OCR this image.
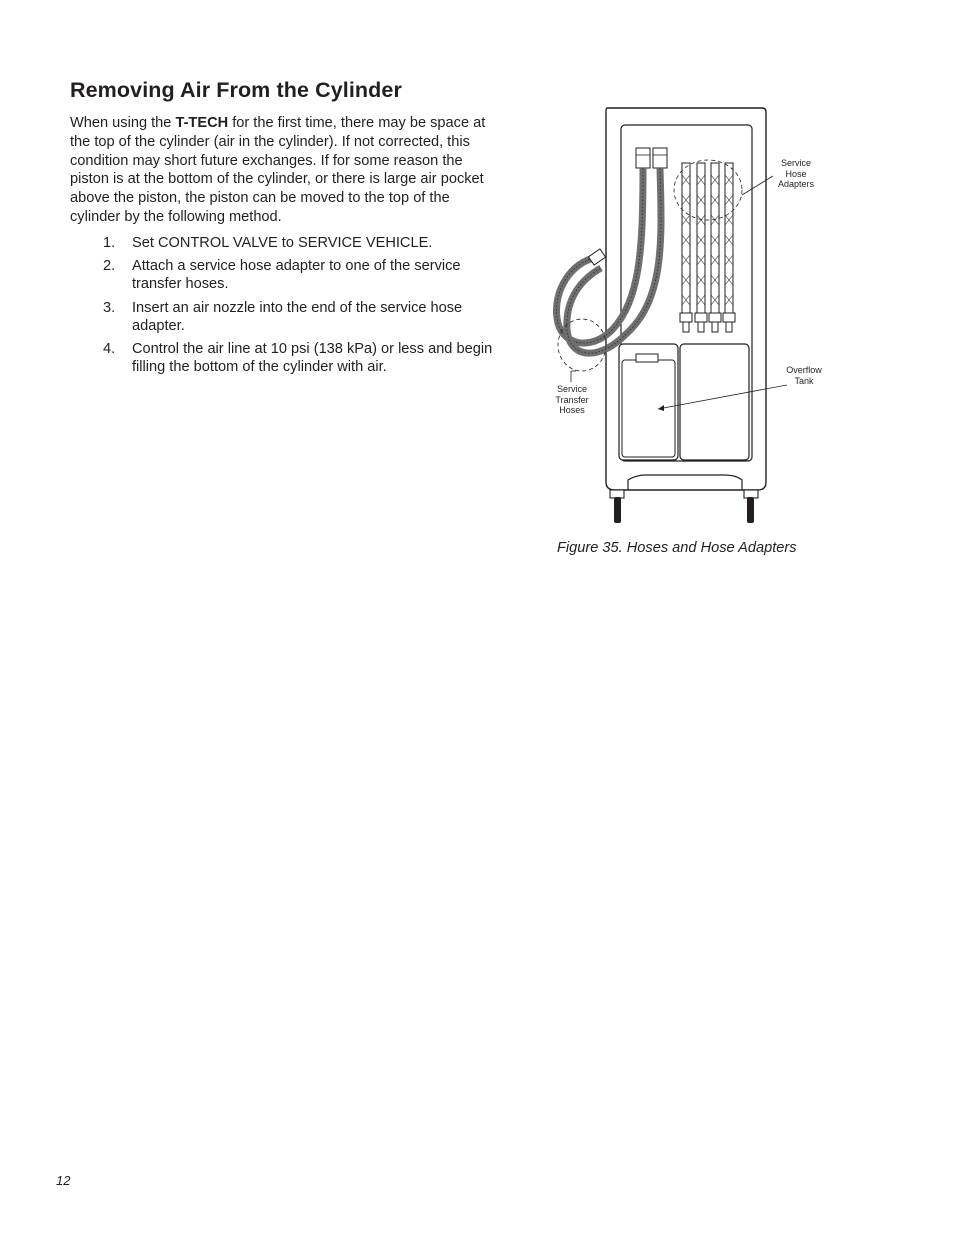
Removing Air From the Cylinder

When using the T-TECH for the first time, there may be space at the top of the cylinder (air in the cylinder). If not corrected, this condition may short future exchanges. If for some reason the piston is at the bottom of the cylinder, or there is large air pocket above the piston, the piston can be moved to the top of the cylinder by the following method.

1. Set CONTROL VALVE to SERVICE VEHICLE.
2. Attach a service hose adapter to one of the service transfer hoses.
3. Insert an air nozzle into the end of the service hose adapter.
4. Control the air line at 10 psi (138 kPa) or less and begin filling the bottom of the cylinder with air.
Service
Hose
Adapters
Overflow
Tank
Service
Transfer
Hoses

Figure 35. Hoses and Hose Adapters

12
